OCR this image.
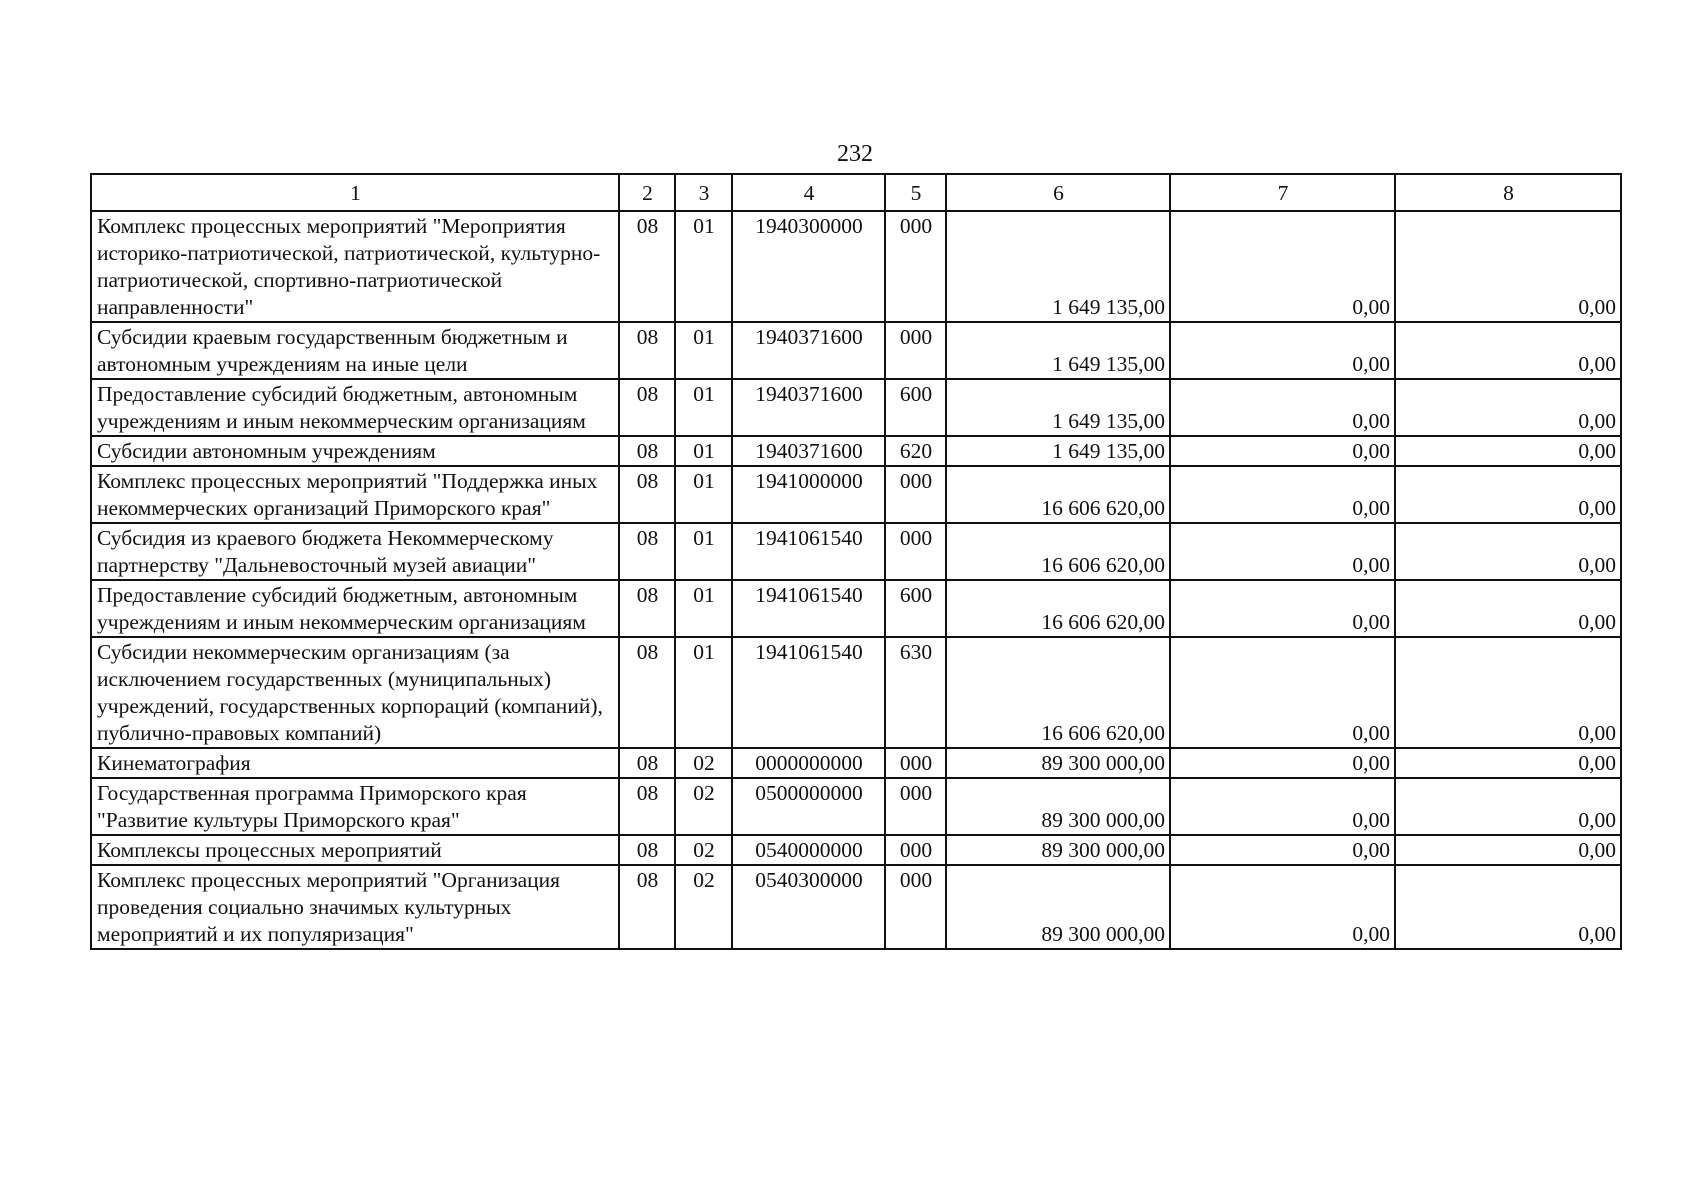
232
1	2	3	4	5	6	7	8
Комплекс процессных мероприятий "Мероприятия историко-патриотической, патриотической, культурно-патриотической, спортивно-патриотической направленности"	08	01	1940300000	000	1 649 135,00	0,00	0,00
Субсидии краевым государственным бюджетным и автономным учреждениям на иные цели	08	01	1940371600	000	1 649 135,00	0,00	0,00
Предоставление субсидий бюджетным, автономным учреждениям и иным некоммерческим организациям	08	01	1940371600	600	1 649 135,00	0,00	0,00
Субсидии автономным учреждениям	08	01	1940371600	620	1 649 135,00	0,00	0,00
Комплекс процессных мероприятий "Поддержка иных некоммерческих организаций Приморского края"	08	01	1941000000	000	16 606 620,00	0,00	0,00
Субсидия из краевого бюджета Некоммерческому партнерству "Дальневосточный музей авиации"	08	01	1941061540	000	16 606 620,00	0,00	0,00
Предоставление субсидий бюджетным, автономным учреждениям и иным некоммерческим организациям	08	01	1941061540	600	16 606 620,00	0,00	0,00
Субсидии некоммерческим организациям (за исключением государственных (муниципальных) учреждений, государственных корпораций (компаний), публично-правовых компаний)	08	01	1941061540	630	16 606 620,00	0,00	0,00
Кинематография	08	02	0000000000	000	89 300 000,00	0,00	0,00
Государственная программа Приморского края "Развитие культуры Приморского края"	08	02	0500000000	000	89 300 000,00	0,00	0,00
Комплексы процессных мероприятий	08	02	0540000000	000	89 300 000,00	0,00	0,00
Комплекс процессных мероприятий "Организация проведения социально значимых культурных мероприятий и их популяризация"	08	02	0540300000	000	89 300 000,00	0,00	0,00
